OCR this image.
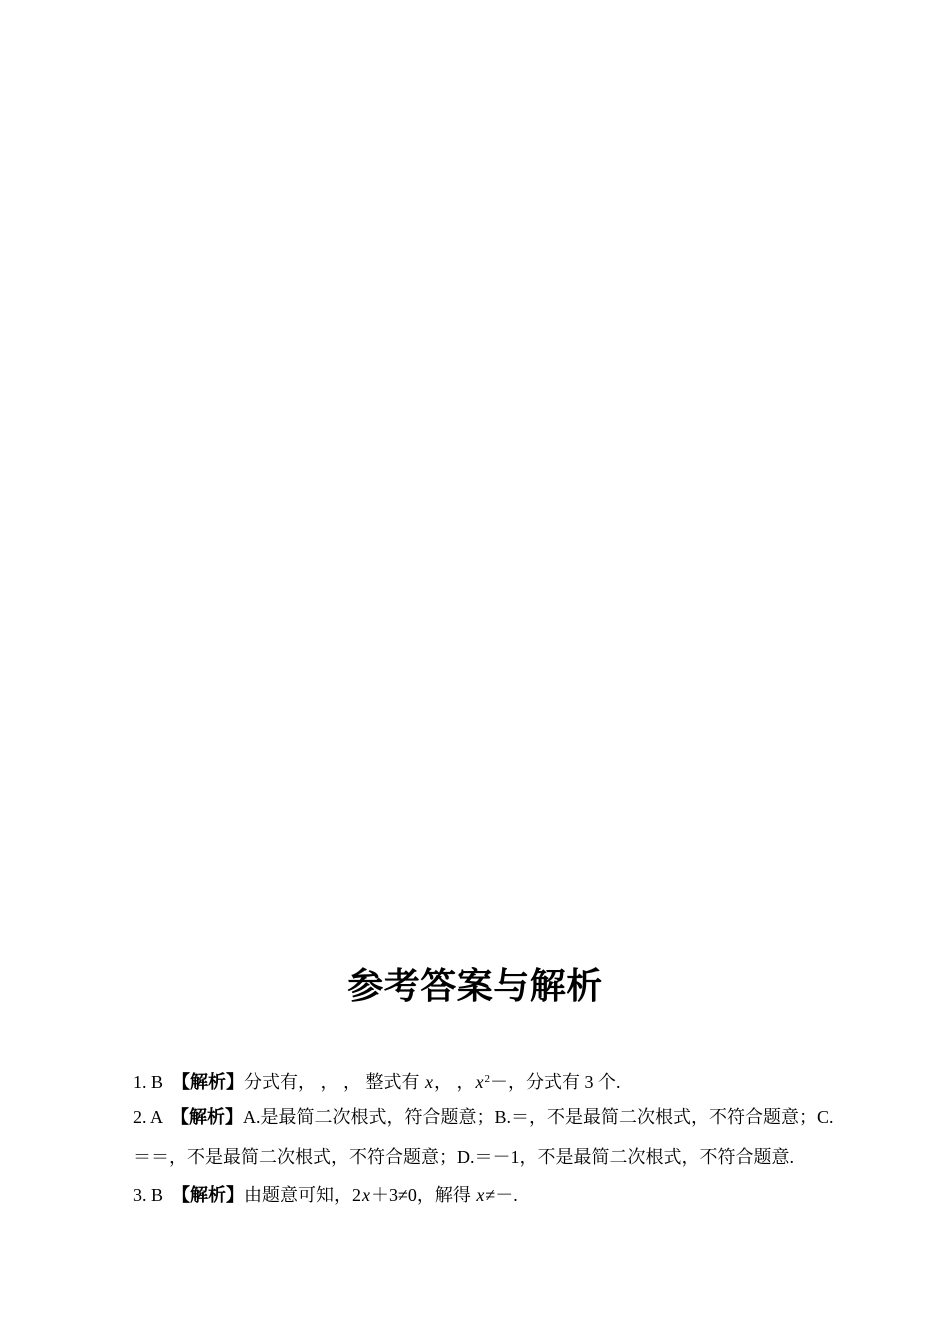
参考答案与解析
1. B　【解析】分式有， ， ， 整式有 x， ，$x^2-$，分式有 3 个.
2. A　【解析】A.是最简二次根式，符合题意；B.＝，不是最简二次根式，不符合题意；C.
＝＝，不是最简二次根式，不符合题意；D.＝－1，不是最简二次根式，不符合题意.
3. B　【解析】由题意可知，2x＋3≠0，解得 x≠－.
